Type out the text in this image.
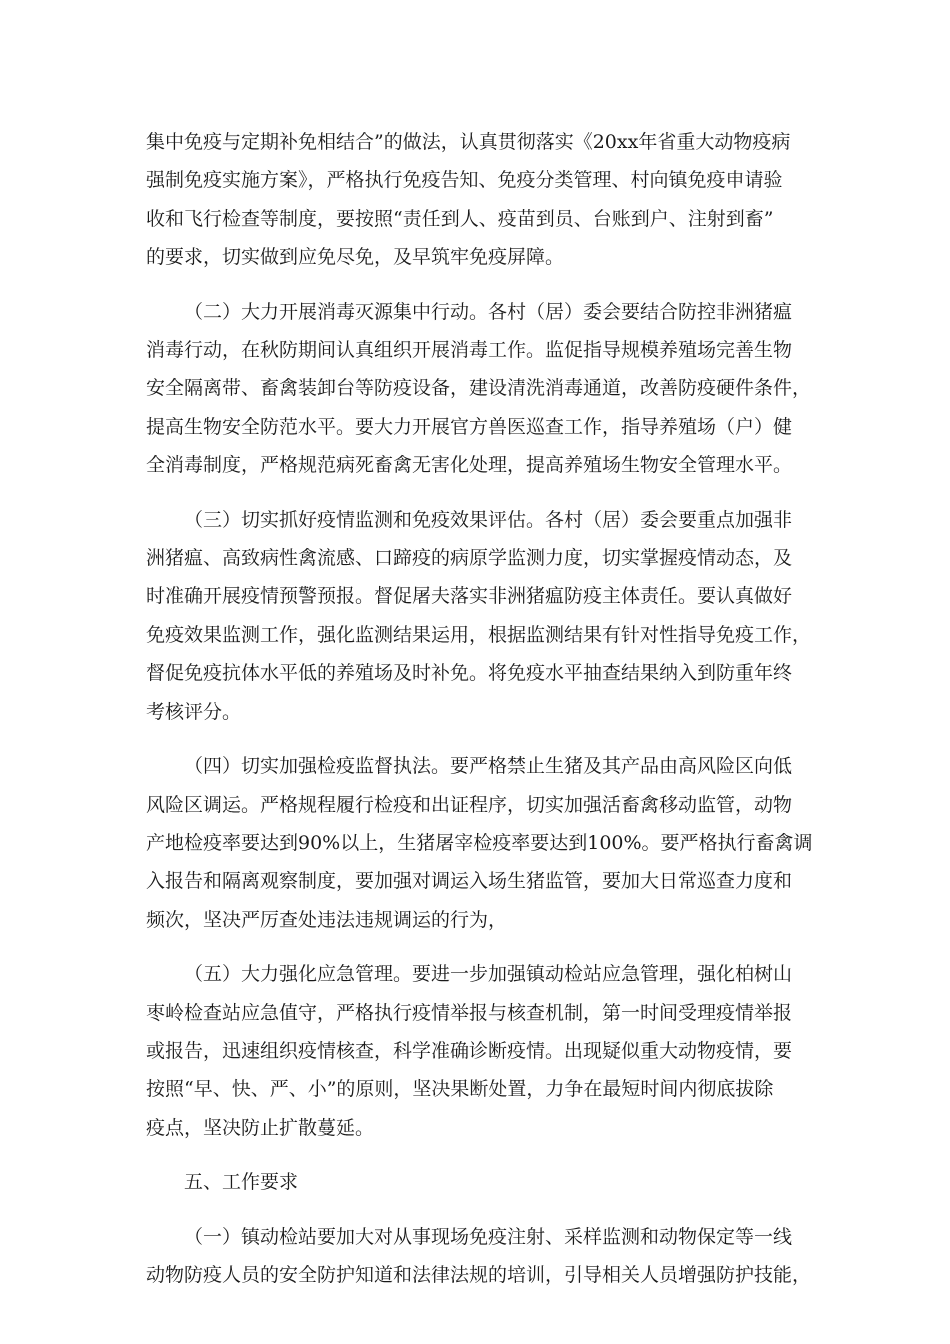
集中免疫与定期补免相结合”的做法，认真贯彻落实《20xx年省重大动物疫病
强制免疫实施方案》，严格执行免疫告知、免疫分类管理、村向镇免疫申请验
收和飞行检查等制度，要按照“责任到人、疫苗到员、台账到户、注射到畜”
的要求，切实做到应免尽免，及早筑牢免疫屏障。
（二）大力开展消毒灭源集中行动。各村（居）委会要结合防控非洲猪瘟
消毒行动，在秋防期间认真组织开展消毒工作。监促指导规模养殖场完善生物
安全隔离带、畜禽装卸台等防疫设备，建设清洗消毒通道，改善防疫硬件条件，
提高生物安全防范水平。要大力开展官方兽医巡查工作，指导养殖场（户）健
全消毒制度，严格规范病死畜禽无害化处理，提高养殖场生物安全管理水平。
（三）切实抓好疫情监测和免疫效果评估。各村（居）委会要重点加强非
洲猪瘟、高致病性禽流感、口蹄疫的病原学监测力度，切实掌握疫情动态，及
时准确开展疫情预警预报。督促屠夫落实非洲猪瘟防疫主体责任。要认真做好
免疫效果监测工作，强化监测结果运用，根据监测结果有针对性指导免疫工作，
督促免疫抗体水平低的养殖场及时补免。将免疫水平抽查结果纳入到防重年终
考核评分。
（四）切实加强检疫监督执法。要严格禁止生猪及其产品由高风险区向低
风险区调运。严格规程履行检疫和出证程序，切实加强活畜禽移动监管，动物
产地检疫率要达到90%以上，生猪屠宰检疫率要达到100%。要严格执行畜禽调
入报告和隔离观察制度，要加强对调运入场生猪监管，要加大日常巡查力度和
频次，坚决严厉查处违法违规调运的行为，
（五）大力强化应急管理。要进一步加强镇动检站应急管理，强化柏树山
枣岭检查站应急值守，严格执行疫情举报与核查机制，第一时间受理疫情举报
或报告，迅速组织疫情核查，科学准确诊断疫情。出现疑似重大动物疫情，要
按照“早、快、严、小”的原则，坚决果断处置，力争在最短时间内彻底拔除
疫点，坚决防止扩散蔓延。
五、工作要求
（一）镇动检站要加大对从事现场免疫注射、采样监测和动物保定等一线
动物防疫人员的安全防护知道和法律法规的培训，引导相关人员增强防护技能，
